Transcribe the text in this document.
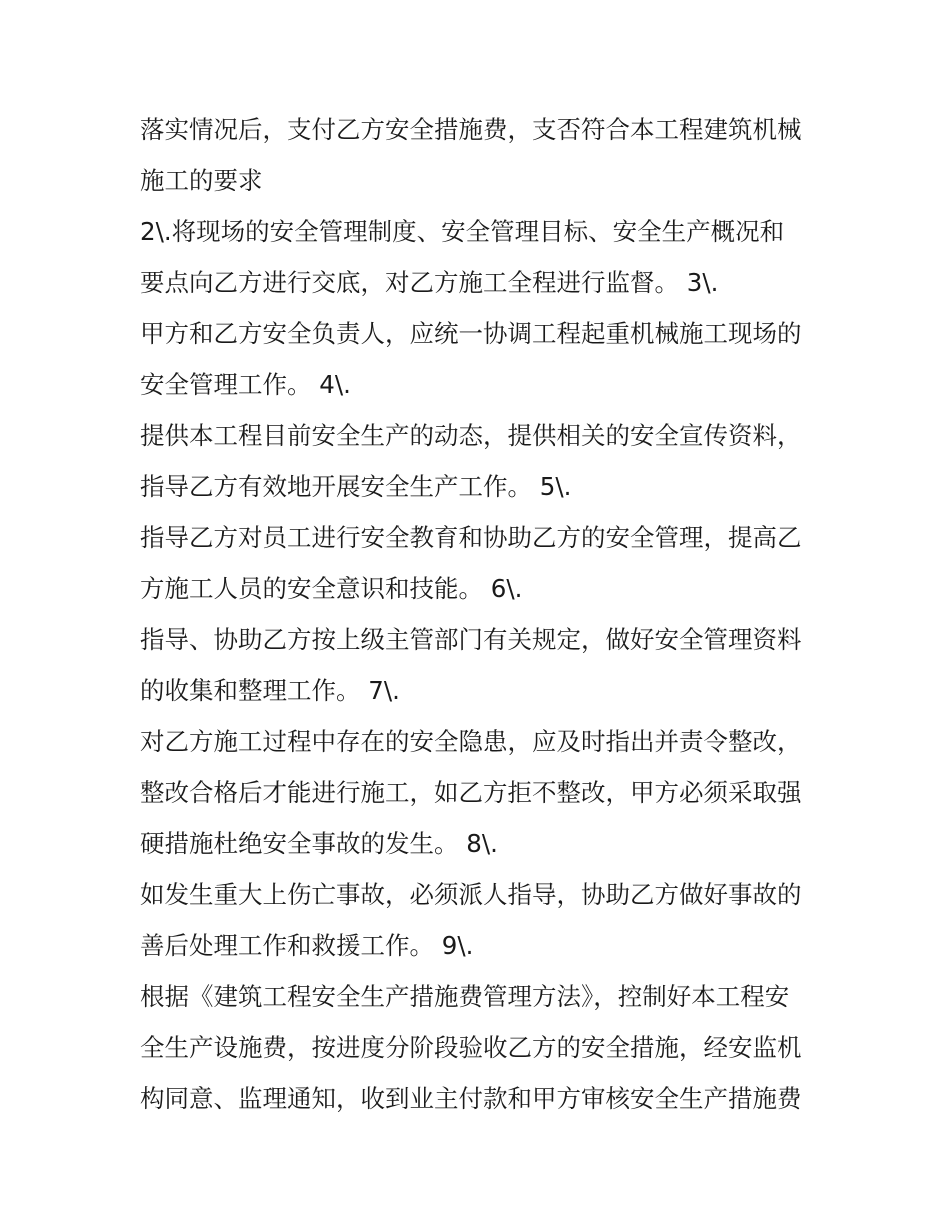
落实情况后，支付乙方安全措施费，支否符合本工程建筑机械
施工的要求
2\.将现场的安全管理制度、安全管理目标、安全生产概况和
要点向乙方进行交底，对乙方施工全程进行监督。 3\.
甲方和乙方安全负责人，应统一协调工程起重机械施工现场的
安全管理工作。 4\.
提供本工程目前安全生产的动态，提供相关的安全宣传资料，
指导乙方有效地开展安全生产工作。 5\.
指导乙方对员工进行安全教育和协助乙方的安全管理，提高乙
方施工人员的安全意识和技能。 6\.
指导、协助乙方按上级主管部门有关规定，做好安全管理资料
的收集和整理工作。 7\.
对乙方施工过程中存在的安全隐患，应及时指出并责令整改，
整改合格后才能进行施工，如乙方拒不整改，甲方必须采取强
硬措施杜绝安全事故的发生。 8\.
如发生重大上伤亡事故，必须派人指导，协助乙方做好事故的
善后处理工作和救援工作。 9\.
根据《建筑工程安全生产措施费管理方法》，控制好本工程安
全生产设施费，按进度分阶段验收乙方的安全措施，经安监机
构同意、监理通知，收到业主付款和甲方审核安全生产措施费
